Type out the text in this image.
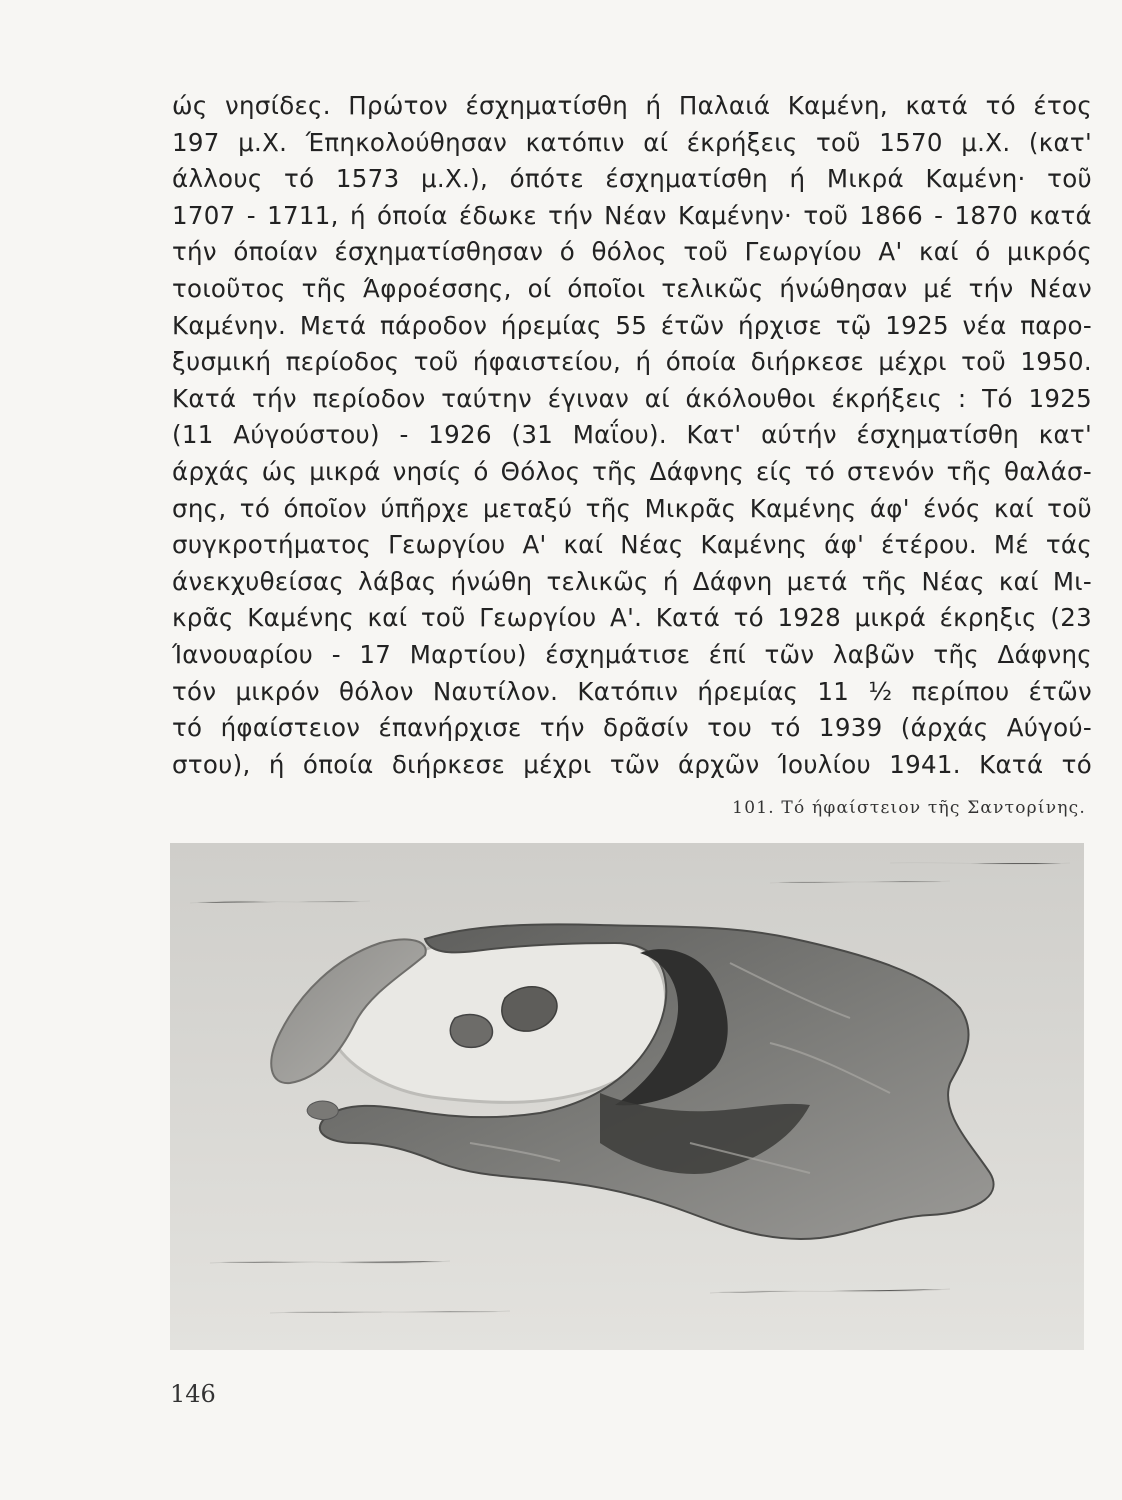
ώς νησίδες. Πρώτον έσχηματίσθη ή Παλαιά Καμένη, κατά τό έτος
197 μ.Χ. Έπηκολούθησαν κατόπιν αί έκρήξεις τοῦ 1570 μ.Χ. (κατ'
άλλους τό 1573 μ.Χ.), όπότε έσχηματίσθη ή Μικρά Καμένη· τοῦ
1707 - 1711, ή όποία έδωκε τήν Νέαν Καμένην· τοῦ 1866 - 1870 κατά
τήν όποίαν έσχηματίσθησαν ό θόλος τοῦ Γεωργίου Α' καί ό μικρός
τοιοῦτος τῆς Άφροέσσης, οί όποῖοι τελικῶς ήνώθησαν μέ τήν Νέαν
Καμένην. Μετά πάροδον ήρεμίας 55 έτῶν ήρχισε τῷ 1925 νέα παρο-
ξυσμική περίοδος τοῦ ήφαιστείου, ή όποία διήρκεσε μέχρι τοῦ 1950.
Κατά τήν περίοδον ταύτην έγιναν αί άκόλουθοι έκρήξεις : Τό 1925
(11 Αύγούστου) - 1926 (31 Μαΐου). Κατ' αύτήν έσχηματίσθη κατ'
άρχάς ώς μικρά νησίς ό Θόλος τῆς Δάφνης είς τό στενόν τῆς θαλάσ-
σης, τό όποῖον ύπῆρχε μεταξύ τῆς Μικρᾶς Καμένης άφ' ένός καί τοῦ
συγκροτήματος Γεωργίου Α' καί Νέας Καμένης άφ' έτέρου. Μέ τάς
άνεκχυθείσας λάβας ήνώθη τελικῶς ή Δάφνη μετά τῆς Νέας καί Μι-
κρᾶς Καμένης καί τοῦ Γεωργίου Α'. Κατά τό 1928 μικρά έκρηξις (23
Ίανουαρίου - 17 Μαρτίου) έσχημάτισε έπί τῶν λαβῶν τῆς Δάφνης
τόν μικρόν θόλον Ναυτίλον. Κατόπιν ήρεμίας 11 ½ περίπου έτῶν
τό ήφαίστειον έπανήρχισε τήν δρᾶσίν του τό 1939 (άρχάς Αύγού-
στου), ή όποία διήρκεσε μέχρι τῶν άρχῶν Ίουλίου 1941. Κατά τό
101. Τό ήφαίστειον τῆς Σαντορίνης.
146
